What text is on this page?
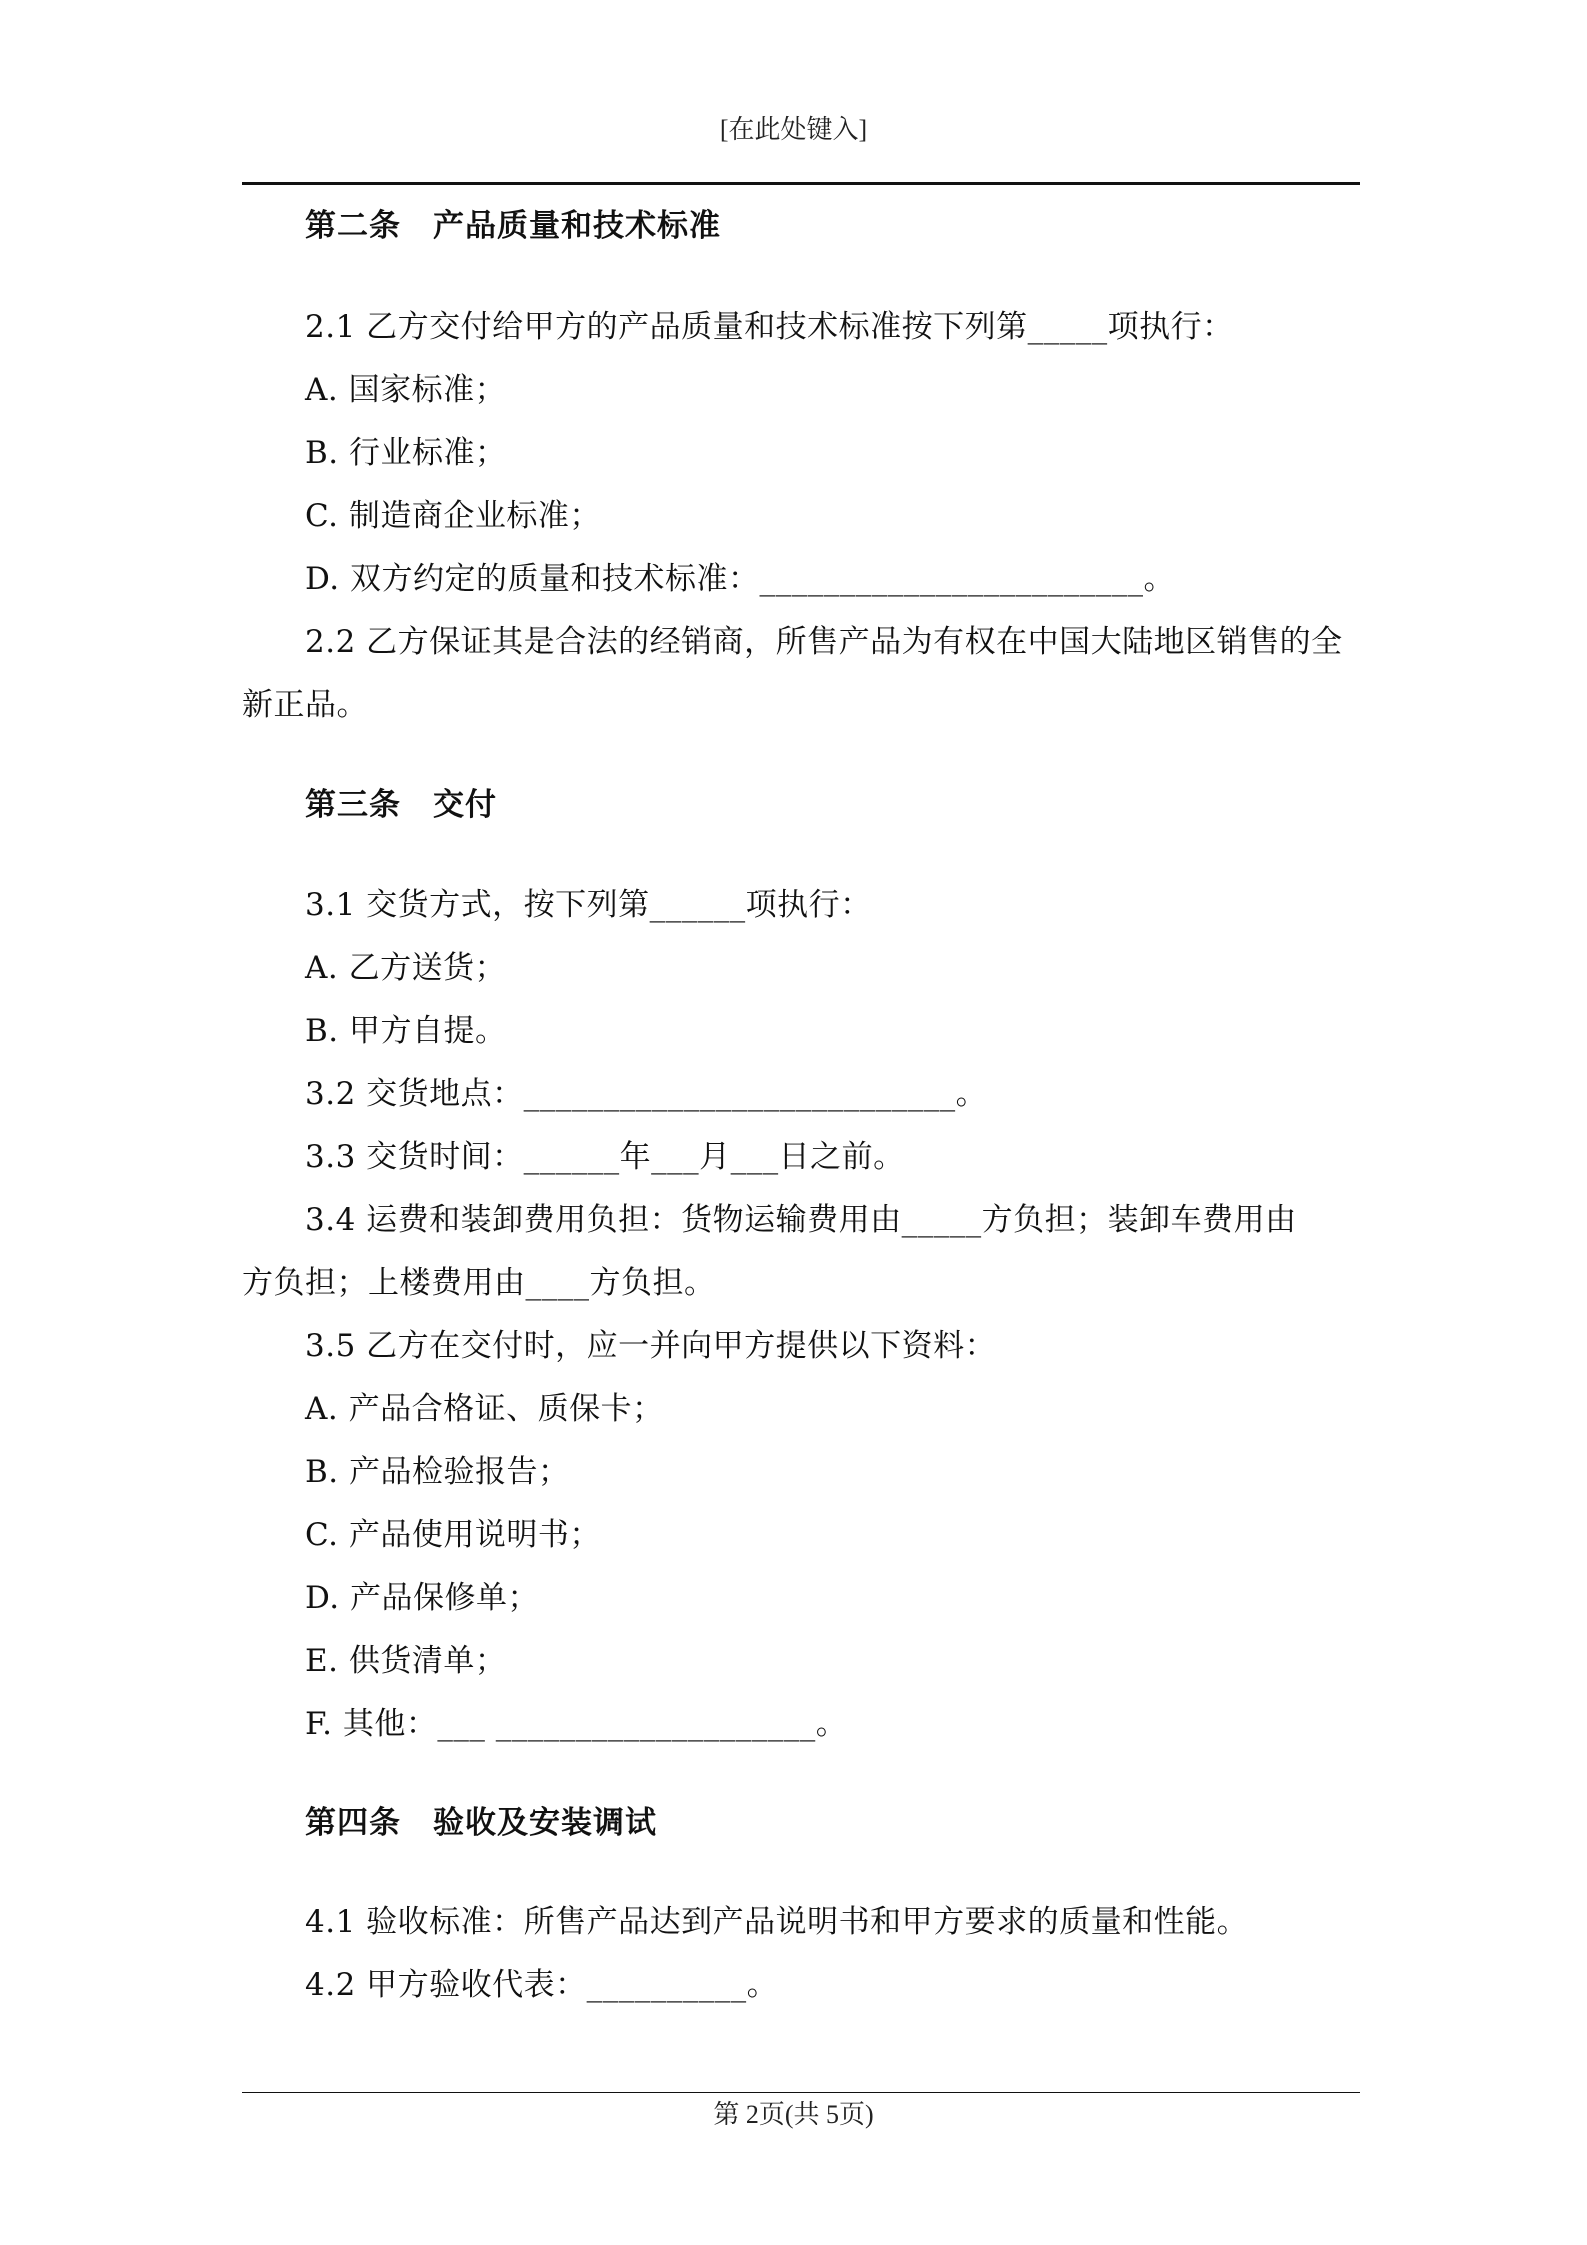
[在此处键入]
第二条　产品质量和技术标准
2.1 乙方交付给甲方的产品质量和技术标准按下列第_____项执行：
A. 国家标准；
B. 行业标准；
C. 制造商企业标准；
D. 双方约定的质量和技术标准：________________________。
2.2 乙方保证其是合法的经销商，所售产品为有权在中国大陆地区销售的全
新正品。
第三条　交付
3.1 交货方式，按下列第______项执行：
A. 乙方送货；
B. 甲方自提。
3.2 交货地点：___________________________。
3.3 交货时间：______年___月___日之前。
3.4 运费和装卸费用负担：货物运输费用由_____方负担；装卸车费用由
方负担；上楼费用由____方负担。
3.5 乙方在交付时，应一并向甲方提供以下资料：
A. 产品合格证、质保卡；
B. 产品检验报告；
C. 产品使用说明书；
D. 产品保修单；
E. 供货清单；
F. 其他：___ ____________________。
第四条　验收及安装调试
4.1 验收标准：所售产品达到产品说明书和甲方要求的质量和性能。
4.2 甲方验收代表：__________。
第 2页(共 5页)
